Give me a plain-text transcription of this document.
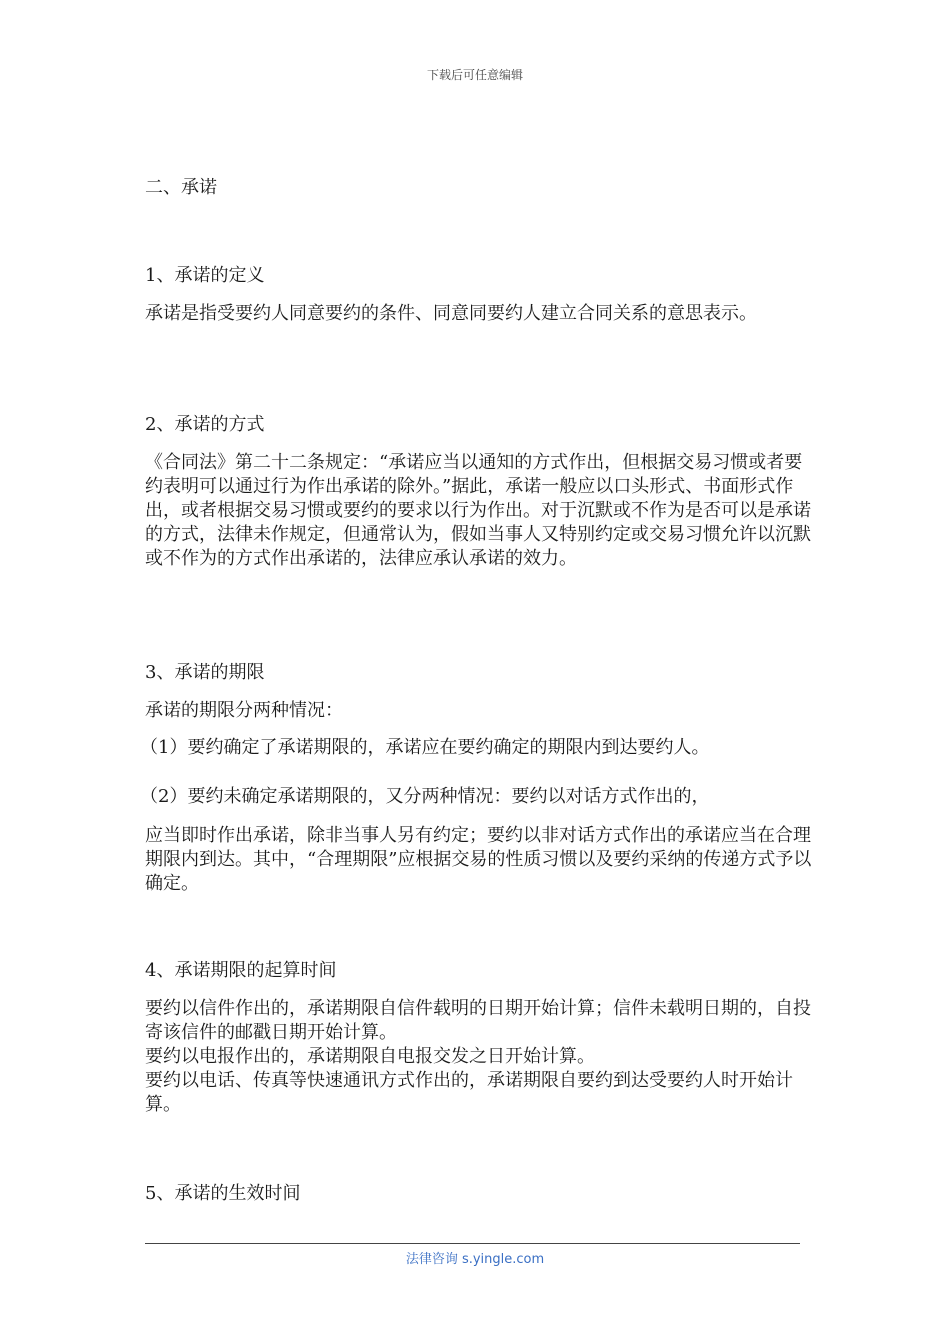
下载后可任意编辑
二、承诺
1、承诺的定义
承诺是指受要约人同意要约的条件、同意同要约人建立合同关系的意思表示。
2、承诺的方式
《合同法》第二十二条规定：“承诺应当以通知的方式作出，但根据交易习惯或者要约表明可以通过行为作出承诺的除外。”据此，承诺一般应以口头形式、书面形式作出，或者根据交易习惯或要约的要求以行为作出。对于沉默或不作为是否可以是承诺的方式，法律未作规定，但通常认为，假如当事人又特别约定或交易习惯允许以沉默或不作为的方式作出承诺的，法律应承认承诺的效力。
3、承诺的期限
承诺的期限分两种情况：
（1）要约确定了承诺期限的，承诺应在要约确定的期限内到达要约人。
（2）要约未确定承诺期限的，又分两种情况：要约以对话方式作出的，
应当即时作出承诺，除非当事人另有约定；要约以非对话方式作出的承诺应当在合理期限内到达。其中，“合理期限”应根据交易的性质习惯以及要约采纳的传递方式予以确定。
4、承诺期限的起算时间
要约以信件作出的，承诺期限自信件载明的日期开始计算；信件未载明日期的，自投寄该信件的邮戳日期开始计算。
要约以电报作出的，承诺期限自电报交发之日开始计算。
要约以电话、传真等快速通讯方式作出的，承诺期限自要约到达受要约人时开始计算。
5、承诺的生效时间
法律咨询 s.yingle.com
